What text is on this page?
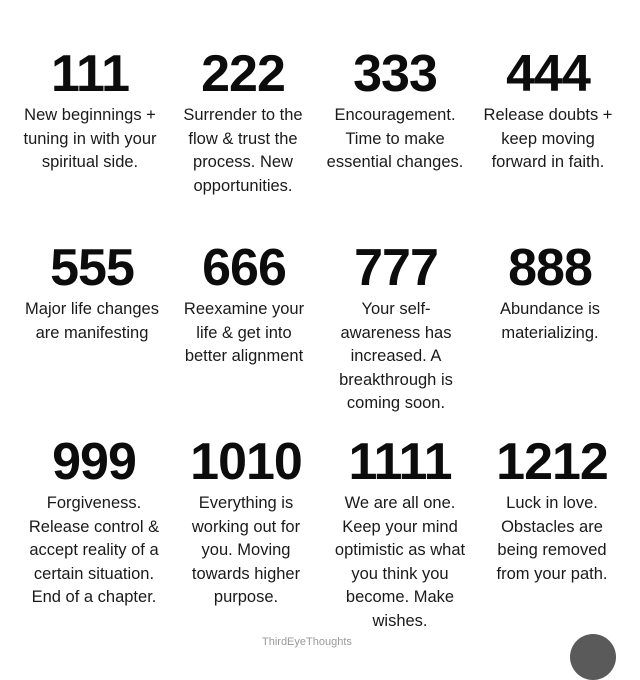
111
New beginnings + tuning in with your spiritual side.
222
Surrender to the flow & trust the process. New opportunities.
333
Encouragement. Time to make essential changes.
444
Release doubts + keep moving forward in faith.
555
Major life changes are manifesting
666
Reexamine your life & get into better alignment
777
Your self-awareness has increased. A breakthrough is coming soon.
888
Abundance is materializing.
999
Forgiveness. Release control & accept reality of a certain situation. End of a chapter.
1010
Everything is working out for you. Moving towards higher purpose.
1111
We are all one. Keep your mind optimistic as what you think you become. Make wishes.
1212
Luck in love. Obstacles are being removed from your path.
ThirdEyeThoughts
